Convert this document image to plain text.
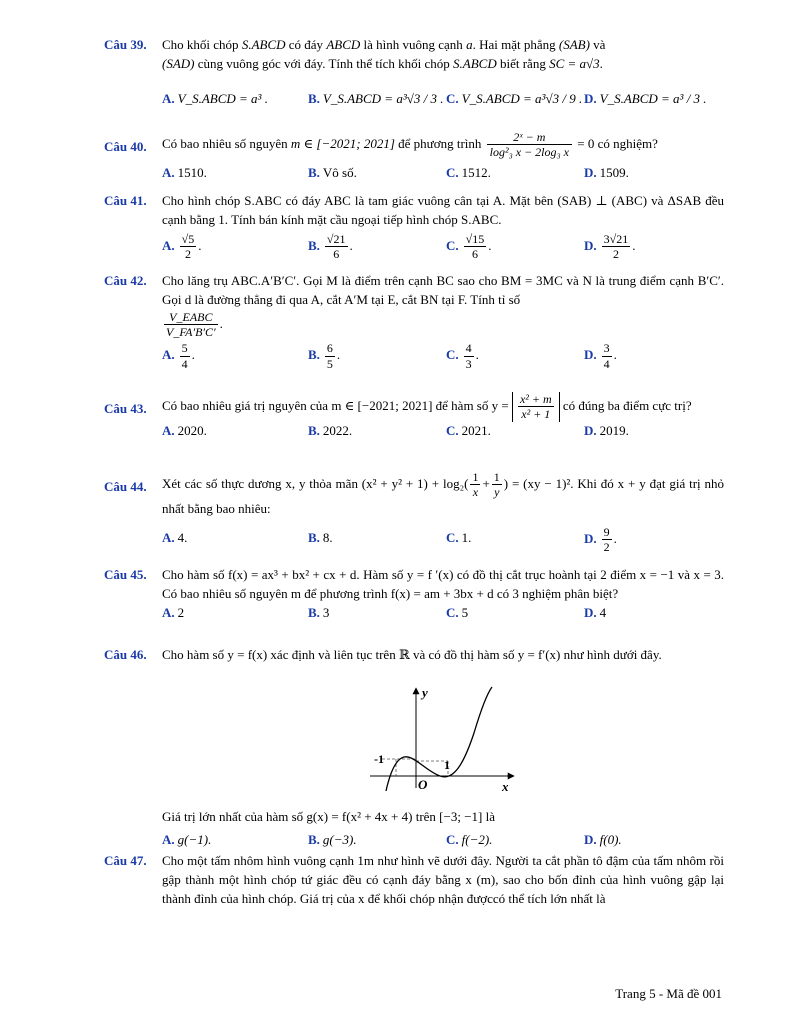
Câu 39. Cho khối chóp S.ABCD có đáy ABCD là hình vuông cạnh a. Hai mặt phẳng (SAB) và
(SAD) cùng vuông góc với đáy. Tính thể tích khối chóp S.ABCD biết rằng SC = a√3.
A. V_S.ABCD = a³ .	B. V_S.ABCD = a³√3 / 3 . C. V_S.ABCD = a³√3 / 9 . D. V_S.ABCD = a³ / 3 .
Câu 40. Có bao nhiêu số nguyên m ∈ [−2021; 2021] để phương trình $\frac{\text{2ˣ − m}}{\text{log²₃ x − 2log₃ x}} = 0$ có nghiệm?
A. 1510.	B. Vô số.	C. 1512.	D. 1509.
Câu 41. Cho hình chóp S.ABC có đáy ABC là tam giác vuông cân tại A. Mặt bên (SAB) ⊥ (ABC) và ΔSAB đều cạnh bằng 1. Tính bán kính mặt cầu ngoại tiếp hình chóp S.ABC.
A. $\frac{√5}{2}$ .	B. $\frac{√21}{6}$ .	C. $\frac{√15}{6}$ .	D. $\frac{3√21}{2}$ .
Câu 42. Cho lăng trụ ABC.A′B′C′. Gọi M là điểm trên cạnh BC sao cho BM = 3MC và N là trung điểm cạnh B′C′. Gọi d là đường thẳng đi qua A, cắt A′M tại E, cắt BN tại F. Tính tỉ số

$\frac{\text{V\_EABC}}{V\_FA'B'C'}$ .
A. $\frac{5}{4}$ .	B. $\frac{6}{5}$ .	C. $\frac{4}{3}$ .	D. $\frac{3}{4}$ .
Câu 43. Có bao nhiêu giá trị nguyên của m ∈ [−2021; 2021] để hàm số $y = \frac{\text{x² + m}}{\text{x² + 1}}$ có đúng ba điểm cực trị?
A. 2020.	B. 2022.	C. 2021.	D. 2019.
Câu 44. Xét các số thực dương x, y thỏa mãn $(x^2 + y^2 + 1) + \log_2( \frac{1}{x} + \frac{1}{y}$ ) = (xy − 1)². Khi đó x + y đạt giá trị nhỏ nhất bằng bao nhiêu:
A. 4.	B. 8.	C. 1.	D. $\frac{9}{2}$ .
Câu 45. Cho hàm số f(x) = ax³ + bx² + cx + d. Hàm số y = f ′(x) có đồ thị cắt trục hoành tại 2 điểm x = −1 và x = 3. Có bao nhiêu số nguyên m để phương trình f(x) = am + 3bx + d có 3 nghiệm phân biệt?
A. 2	B. 3	C. 5	D. 4
Câu 46. Cho hàm số y = f(x) xác định và liên tục trên ℝ và có đồ thị hàm số y = f′(x) như hình dưới đây.
y
x
O
-1	1
Giá trị lớn nhất của hàm số g(x) = f(x² + 4x + 4) trên [−3; −1] là
A. g(−1).	B. g(−3).	C. f(−2).	D. f(0).
Câu 47. Cho một tấm nhôm hình vuông cạnh 1m như hình vẽ dưới đây. Người ta cắt phần tô đậm của tấm nhôm rồi gập thành một hình chóp tứ giác đều có cạnh đáy bằng x (m), sao cho bốn đỉnh của hình vuông gập lại thành đỉnh của hình chóp. Giá trị của x để khối chóp nhận đượccó thể tích lớn nhất là
Trang 5 - Mã đề 001
